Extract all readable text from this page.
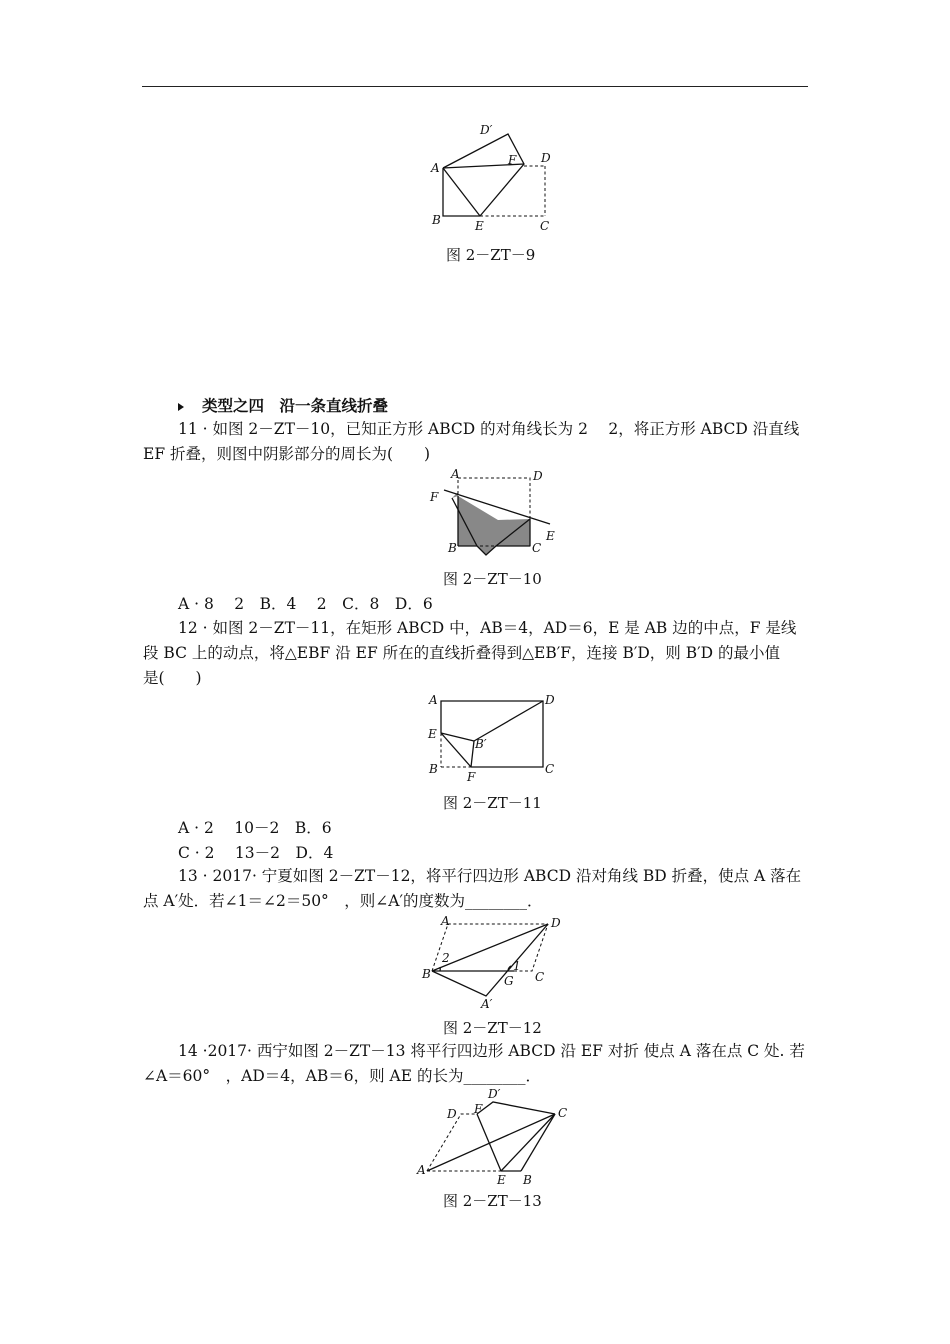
A
B	C
D
D′
E
F
图 2－ZT－9
类型之四　沿一条直线折叠
11 · 如图 2－ZT－10，已知正方形 ABCD 的对角线长为 2　 2，将正方形 ABCD 沿直线
EF 折叠，则图中阴影部分的周长为(　　)
A
B	C
D
E
F
图 2－ZT－10
A · 8　 2　B．4　 2　C．8　D．6
12 · 如图 2－ZT－11，在矩形 ABCD 中，AB＝4，AD＝6，E 是 AB 边的中点，F 是线
段 BC 上的动点，将△EBF 沿 EF 所在的直线折叠得到△EB′F，连接 B′D，则 B′D 的最小值
是(　　)
A
B	C
D
E
F
B′
图 2－ZT－11
A · 2　 10－2　B．6
C · 2　 13－2　D．4
13 · 2017· 宁夏如图 2－ZT－12，将平行四边形 ABCD 沿对角线 BD 折叠，使点 A 落在
点 A′处．若∠1＝∠2＝50°　，则∠A′的度数为________．
A
B	C
D
G
A′
1
2
图 2－ZT－12
14 ·2017· 西宁如图 2－ZT－13 将平行四边形 ABCD 沿 EF 对折 使点 A 落在点 C 处. 若
∠A＝60°　，AD＝4，AB＝6，则 AE 的长为________．
A
B
C
D
E
F
D′
图 2－ZT－13
